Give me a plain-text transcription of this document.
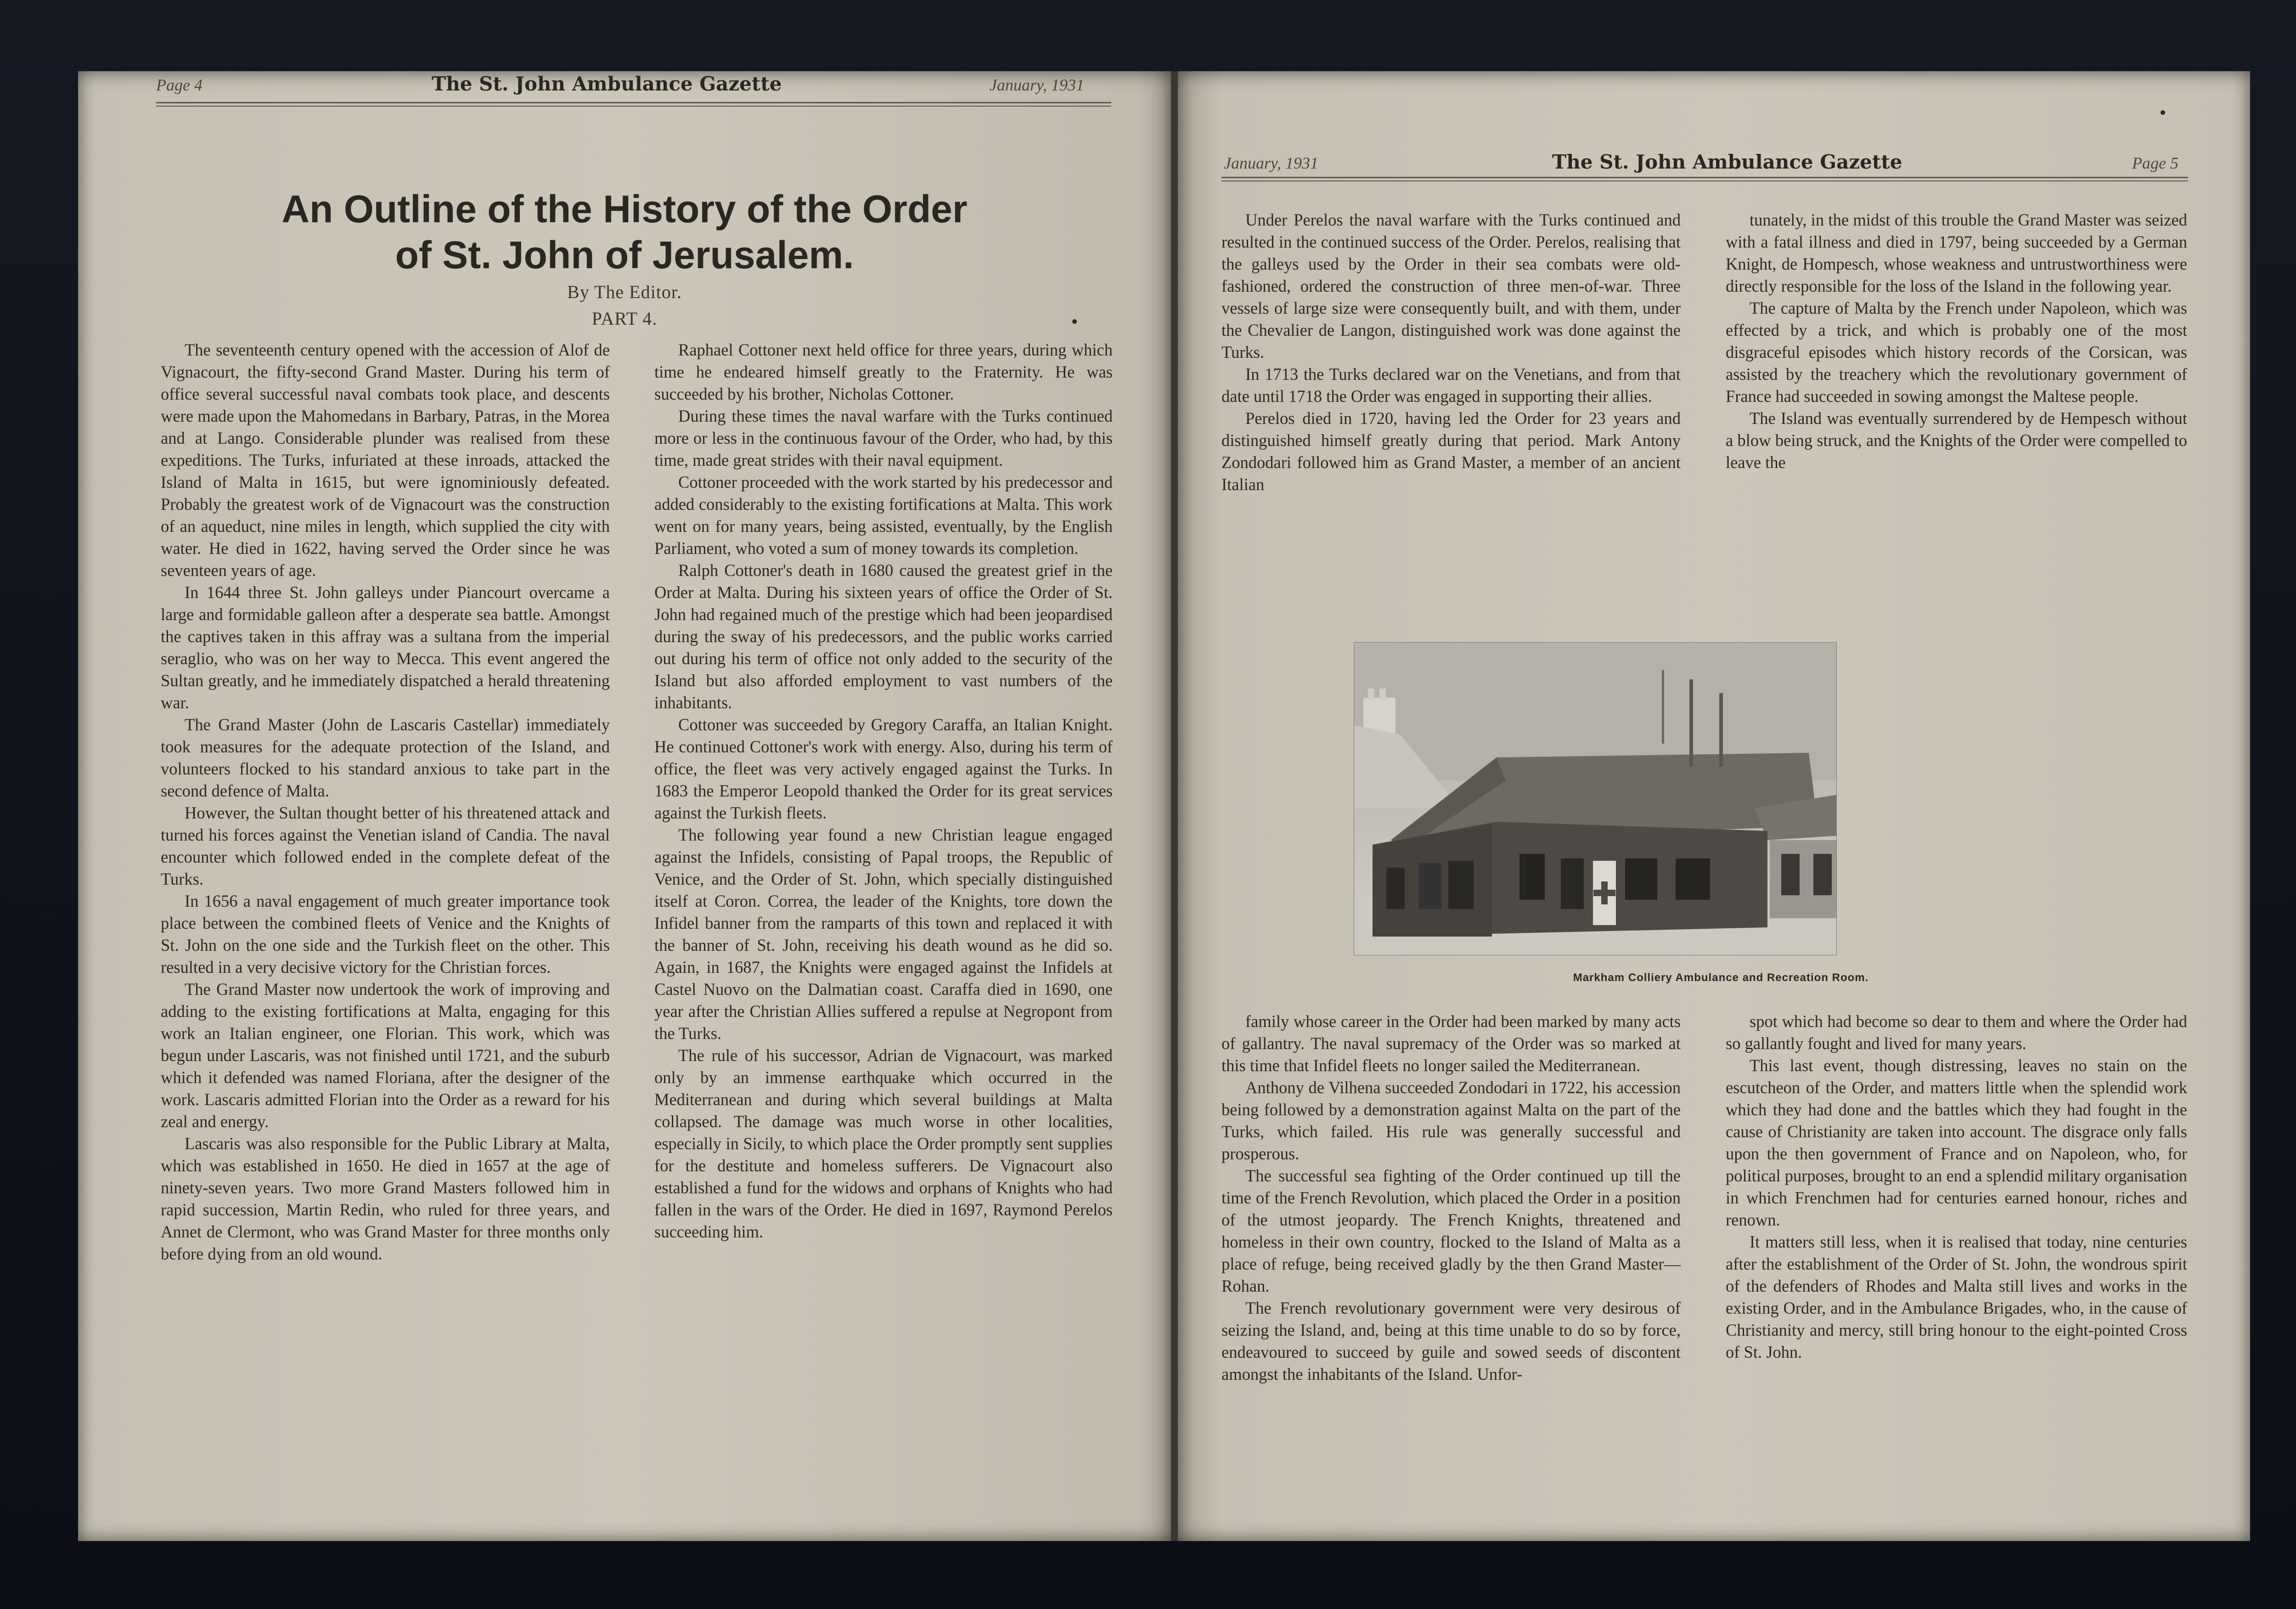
Page 4	The St. John Ambulance Gazette	January, 1931
An Outline of the History of the Order of St. John of Jerusalem.
By The Editor.
PART 4.

The seventeenth century opened with the accession of Alof de Vignacourt, the fifty-second Grand Master. During his term of office several successful naval combats took place, and descents were made upon the Mahomedans in Barbary, Patras, in the Morea and at Lango. Considerable plunder was realised from these expeditions. The Turks, infuriated at these inroads, attacked the Island of Malta in 1615, but were ignominiously defeated. Probably the greatest work of de Vignacourt was the construction of an aqueduct, nine miles in length, which supplied the city with water. He died in 1622, having served the Order since he was seventeen years of age.

In 1644 three St. John galleys under Piancourt overcame a large and formidable galleon after a desperate sea battle. Amongst the captives taken in this affray was a sultana from the imperial seraglio, who was on her way to Mecca. This event angered the Sultan greatly, and he immediately dispatched a herald threatening war.

The Grand Master (John de Lascaris Castellar) immediately took measures for the adequate protection of the Island, and volunteers flocked to his standard anxious to take part in the second defence of Malta.

However, the Sultan thought better of his threatened attack and turned his forces against the Venetian island of Candia. The naval encounter which followed ended in the complete defeat of the Turks.

In 1656 a naval engagement of much greater importance took place between the combined fleets of Venice and the Knights of St. John on the one side and the Turkish fleet on the other. This resulted in a very decisive victory for the Christian forces.

The Grand Master now undertook the work of improving and adding to the existing fortifications at Malta, engaging for this work an Italian engineer, one Florian. This work, which was begun under Lascaris, was not finished until 1721, and the suburb which it defended was named Floriana, after the designer of the work. Lascaris admitted Florian into the Order as a reward for his zeal and energy.

Lascaris was also responsible for the Public Library at Malta, which was established in 1650. He died in 1657 at the age of ninety-seven years. Two more Grand Masters followed him in rapid succession, Martin Redin, who ruled for three years, and Annet de Clermont, who was Grand Master for three months only before dying from an old wound.

Raphael Cottoner next held office for three years, during which time he endeared himself greatly to the Fraternity. He was succeeded by his brother, Nicholas Cottoner.

During these times the naval warfare with the Turks continued more or less in the continuous favour of the Order, who had, by this time, made great strides with their naval equipment.

Cottoner proceeded with the work started by his predecessor and added considerably to the existing fortifications at Malta. This work went on for many years, being assisted, eventually, by the English Parliament, who voted a sum of money towards its completion.

Ralph Cottoner's death in 1680 caused the greatest grief in the Order at Malta. During his sixteen years of office the Order of St. John had regained much of the prestige which had been jeopardised during the sway of his predecessors, and the public works carried out during his term of office not only added to the security of the Island but also afforded employment to vast numbers of the inhabitants.

Cottoner was succeeded by Gregory Caraffa, an Italian Knight. He continued Cottoner's work with energy. Also, during his term of office, the fleet was very actively engaged against the Turks. In 1683 the Emperor Leopold thanked the Order for its great services against the Turkish fleets.

The following year found a new Christian league engaged against the Infidels, consisting of Papal troops, the Republic of Venice, and the Order of St. John, which specially distinguished itself at Coron. Correa, the leader of the Knights, tore down the Infidel banner from the ramparts of this town and replaced it with the banner of St. John, receiving his death wound as he did so. Again, in 1687, the Knights were engaged against the Infidels at Castel Nuovo on the Dalmatian coast. Caraffa died in 1690, one year after the Christian Allies suffered a repulse at Negropont from the Turks.

The rule of his successor, Adrian de Vignacourt, was marked only by an immense earthquake which occurred in the Mediterranean and during which several buildings at Malta collapsed. The damage was much worse in other localities, especially in Sicily, to which place the Order promptly sent supplies for the destitute and homeless sufferers. De Vignacourt also established a fund for the widows and orphans of Knights who had fallen in the wars of the Order. He died in 1697, Raymond Perelos succeeding him.

January, 1931	The St. John Ambulance Gazette	Page 5

Under Perelos the naval warfare with the Turks continued and resulted in the continued success of the Order. Perelos, realising that the galleys used by the Order in their sea combats were old-fashioned, ordered the construction of three men-of-war. Three vessels of large size were consequently built, and with them, under the Chevalier de Langon, distinguished work was done against the Turks.

In 1713 the Turks declared war on the Venetians, and from that date until 1718 the Order was engaged in supporting their allies.

Perelos died in 1720, having led the Order for 23 years and distinguished himself greatly during that period. Mark Antony Zondodari followed him as Grand Master, a member of an ancient Italian

tunately, in the midst of this trouble the Grand Master was seized with a fatal illness and died in 1797, being succeeded by a German Knight, de Hompesch, whose weakness and untrustworthiness were directly responsible for the loss of the Island in the following year.

The capture of Malta by the French under Napoleon, which was effected by a trick, and which is probably one of the most disgraceful episodes which history records of the Corsican, was assisted by the treachery which the revolutionary government of France had succeeded in sowing amongst the Maltese people.

The Island was eventually surrendered by de Hempesch without a blow being struck, and the Knights of the Order were compelled to leave the

Markham Colliery Ambulance and Recreation Room.

family whose career in the Order had been marked by many acts of gallantry. The naval supremacy of the Order was so marked at this time that Infidel fleets no longer sailed the Mediterranean.

Anthony de Vilhena succeeded Zondodari in 1722, his accession being followed by a demonstration against Malta on the part of the Turks, which failed. His rule was generally successful and prosperous.

The successful sea fighting of the Order continued up till the time of the French Revolution, which placed the Order in a position of the utmost jeopardy. The French Knights, threatened and homeless in their own country, flocked to the Island of Malta as a place of refuge, being received gladly by the then Grand Master—Rohan.

The French revolutionary government were very desirous of seizing the Island, and, being at this time unable to do so by force, endeavoured to succeed by guile and sowed seeds of discontent amongst the inhabitants of the Island. Unfor-

spot which had become so dear to them and where the Order had so gallantly fought and lived for many years.

This last event, though distressing, leaves no stain on the escutcheon of the Order, and matters little when the splendid work which they had done and the battles which they had fought in the cause of Christianity are taken into account. The disgrace only falls upon the then government of France and on Napoleon, who, for political purposes, brought to an end a splendid military organisation in which Frenchmen had for centuries earned honour, riches and renown.

It matters still less, when it is realised that today, nine centuries after the establishment of the Order of St. John, the wondrous spirit of the defenders of Rhodes and Malta still lives and works in the existing Order, and in the Ambulance Brigades, who, in the cause of Christianity and mercy, still bring honour to the eight-pointed Cross of St. John.
